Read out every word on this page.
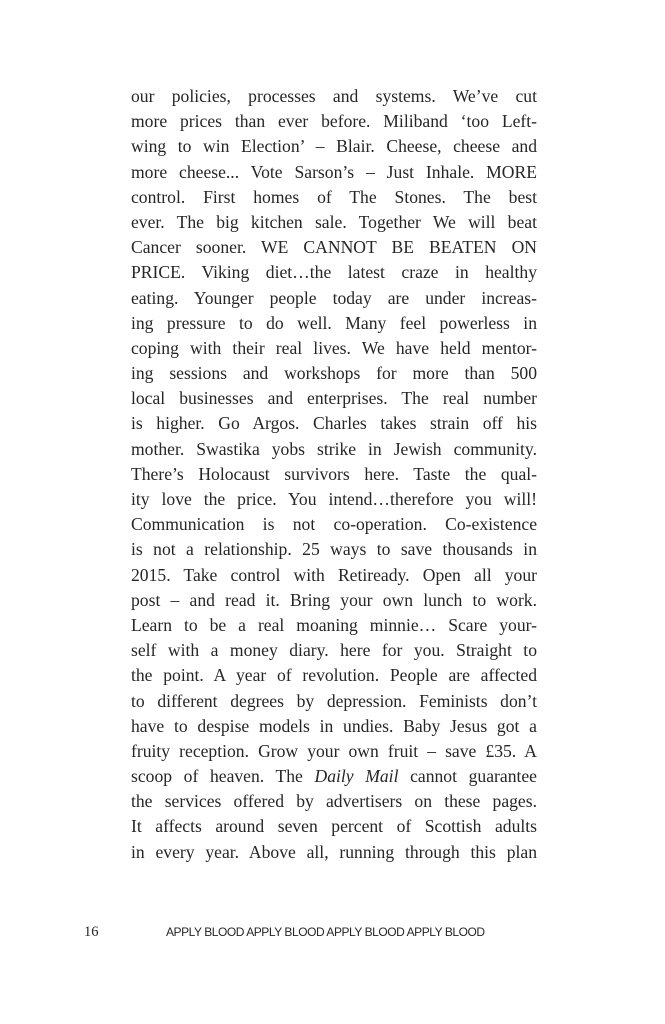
our policies, processes and systems. We’ve cut
more prices than ever before. Miliband ‘too Left-
wing to win Election’ – Blair. Cheese, cheese and
more cheese... Vote Sarson’s – Just Inhale. MORE
control. First homes of The Stones. The best
ever. The big kitchen sale. Together We will beat
Cancer sooner. WE CANNOT BE BEATEN ON
PRICE. Viking diet…the latest craze in healthy
eating. Younger people today are under increas-
ing pressure to do well. Many feel powerless in
coping with their real lives. We have held mentor-
ing sessions and workshops for more than 500
local businesses and enterprises. The real number
is higher. Go Argos. Charles takes strain off his
mother. Swastika yobs strike in Jewish community.
There’s Holocaust survivors here. Taste the qual-
ity love the price. You intend…therefore you will!
Communication is not co-operation. Co-existence
is not a relationship. 25 ways to save thousands in
2015. Take control with Retiready. Open all your
post – and read it. Bring your own lunch to work.
Learn to be a real moaning minnie… Scare your-
self with a money diary. here for you. Straight to
the point. A year of revolution. People are affected
to different degrees by depression. Feminists don’t
have to despise models in undies. Baby Jesus got a
fruity reception. Grow your own fruit – save £35. A
scoop of heaven. The Daily Mail cannot guarantee
the services offered by advertisers on these pages.
It affects around seven percent of Scottish adults
in every year. Above all, running through this plan
16	APPLY BLOOD APPLY BLOOD APPLY BLOOD APPLY BLOOD
